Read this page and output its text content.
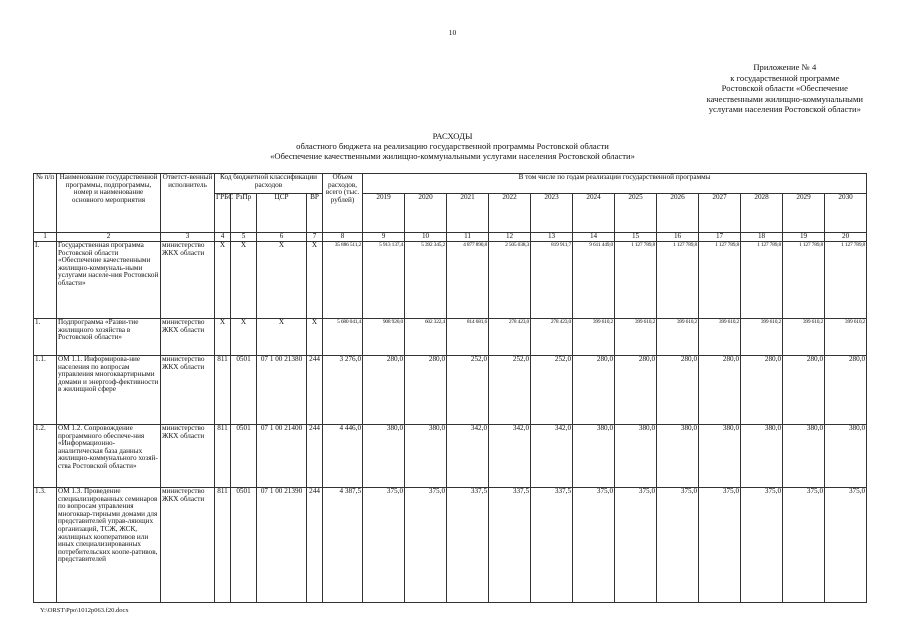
10
Приложение № 4
к государственной программе
Ростовской области «Обеспечение
качественными жилищно-коммунальными
услугами населения Ростовской области»
РАСХОДЫ
областного бюджета на реализацию государственной программы Ростовской области
«Обеспечение качественными жилищно-коммунальными услугами населения Ростовской области»
№ п/п	Наименование государственной программы, подпрограммы, номер и наименование основного мероприятия	Ответст-венный исполнитель	Код бюджетной классификации расходов				Объем расходов, всего (тыс. рублей)	В том числе по годам реализации государственной программы											
			ГРБС	РзПр	ЦСР	ВР		2019	2020	2021	2022	2023	2024	2025	2026	2027	2028	2029	2030
1	2	3	4	5	6	7	8	9	10	11	12	13	14	15	16	17	18	19	20
I.	Государственная программа Ростовской области «Обеспечение качественными жилищно-коммуналь-ными услугами населе-ния Ростовской области»	министерство ЖКХ области	Х	Х	Х	Х	35 886 511,2	5 913 137,4	5 392 345,2	4 877 890,8	2 505 038,3	819 911,7	9 611 449,0	1 127 789,8	1 127 789,8	1 127 789,8	1 127 789,8	1 127 789,8	1 127 789,8
1.	Подпрограмма «Разви-тие жилищного хозяйства в Ростовской области»	министерство ЖКХ области	Х	Х	Х	Х	5 680 041,4	908 920,0	602 322,4	814 681,6	278 423,0	278 423,0	399 610,2	399 610,2	399 610,2	399 610,2	399 610,2	399 610,2	399 610,2
1.1.	ОМ 1.1. Информирова-ние населения по вопросам управления многоквартирными домами и энергоэф-фективности в жилищной сфере	министерство ЖКХ области	811	0501	07 1 00 21380	244	3 276,0	280,0	280,0	252,0	252,0	252,0	280,0	280,0	280,0	280,0	280,0	280,0	280,0
1.2.	ОМ 1.2. Сопровождение программного обеспече-ния «Информационно-аналитическая база данных жилищно-коммунального хозяй-ства Ростовской области»	министерство ЖКХ области	811	0501	07 1 00 21400	244	4 446,0	380,0	380,0	342,0	342,0	342,0	380,0	380,0	380,0	380,0	380,0	380,0	380,0
1.3.	ОМ 1.3. Проведение специализированных семинаров по вопросам управления многоквар-тирными домами для представителей управ-ляющих организаций, ТСЖ, ЖСК, жилищных кооперативов или иных специализированных потребительских коопе-ративов, представителей	министерство ЖКХ области	811	0501	07 1 00 21390	244	4 387,5	375,0	375,0	337,5	337,5	337,5	375,0	375,0	375,0	375,0	375,0	375,0	375,0
Y:\ORST\Ppo\1012p063.f20.docx
